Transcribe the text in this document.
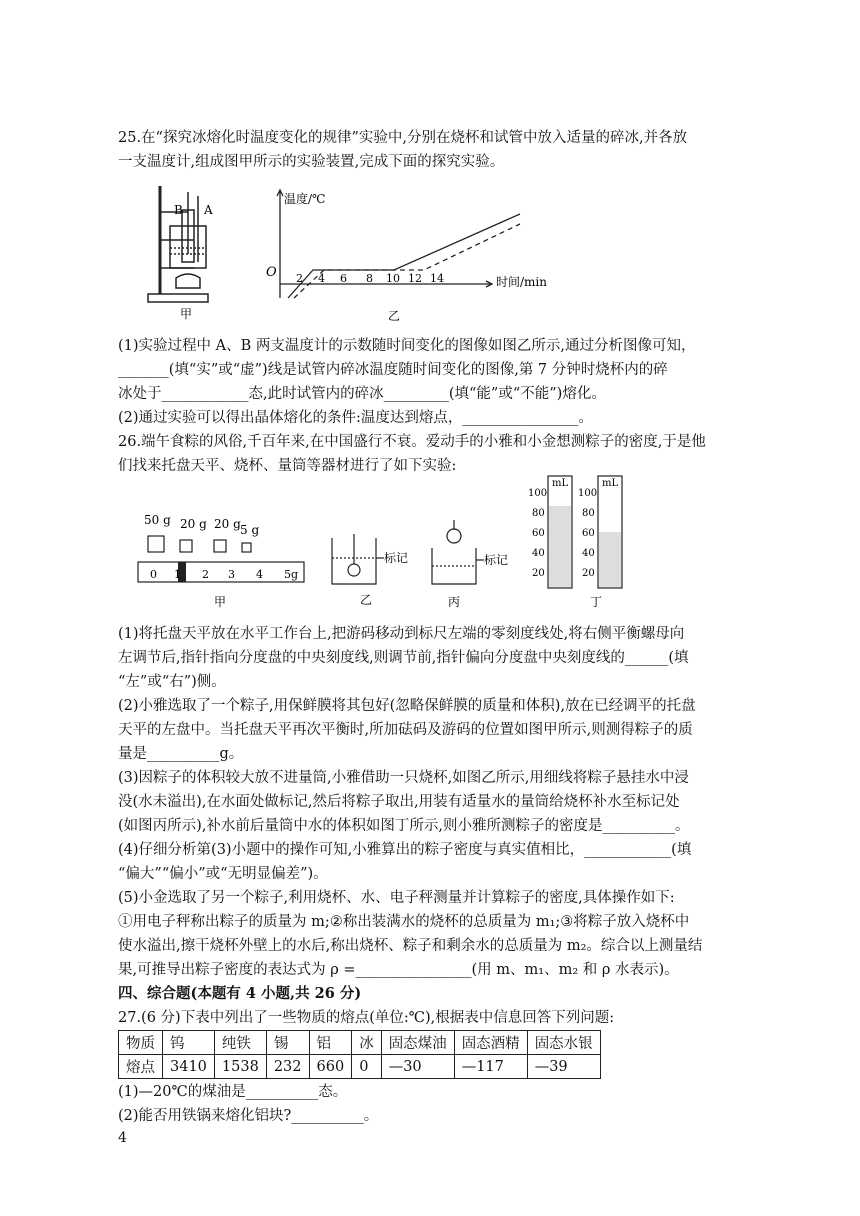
25.在“探究冰熔化时温度变化的规律”实验中,分别在烧杯和试管中放入适量的碎冰,并各放
一支温度计,组成图甲所示的实验装置,完成下面的探究实验。
B A
甲
温度/℃
O 2 4 6 8 10 12 14	时间/min
乙
(1)实验过程中 A、B 两支温度计的示数随时间变化的图像如图乙所示,通过分析图像可知，
_______(填“实”或“虚”)线是试管内碎冰温度随时间变化的图像,第 7 分钟时烧杯内的碎
冰处于____________态,此时试管内的碎冰_________(填“能”或“不能”)熔化。
(2)通过实验可以得出晶体熔化的条件:温度达到熔点，________________。
26.端午食粽的风俗,千百年来,在中国盛行不衰。爱动手的小雅和小金想测粽子的密度,于是他
们找来托盘天平、烧杯、量筒等器材进行了如下实验:
50 g 20 g 20 g 5 g
0 1 2 3 4 5g
甲
标记
乙
标记
丙
mL	mL
100
80
60
40
20
100
80
60
40
20
丁
(1)将托盘天平放在水平工作台上,把游码移动到标尺左端的零刻度线处,将右侧平衡螺母向
左调节后,指针指向分度盘的中央刻度线,则调节前,指针偏向分度盘中央刻度线的______(填
“左”或“右”)侧。
(2)小雅选取了一个粽子,用保鲜膜将其包好(忽略保鲜膜的质量和体积),放在已经调平的托盘
天平的左盘中。当托盘天平再次平衡时,所加砝码及游码的位置如图甲所示,则测得粽子的质
量是__________g。
(3)因粽子的体积较大放不进量筒,小雅借助一只烧杯,如图乙所示,用细线将粽子悬挂水中浸
没(水未溢出),在水面处做标记,然后将粽子取出,用装有适量水的量筒给烧杯补水至标记处
(如图丙所示),补水前后量筒中水的体积如图丁所示,则小雅所测粽子的密度是__________。
(4)仔细分析第(3)小题中的操作可知,小雅算出的粽子密度与真实值相比，____________(填
“偏大”“偏小”或“无明显偏差”)。
(5)小金选取了另一个粽子,利用烧杯、水、电子秤测量并计算粽子的密度,具体操作如下:
①用电子秤称出粽子的质量为 m;②称出装满水的烧杯的总质量为 m₁;③将粽子放入烧杯中
使水溢出,擦干烧杯外壁上的水后,称出烧杯、粽子和剩余水的总质量为 m₂。综合以上测量结
果,可推导出粽子密度的表达式为 ρ =________________(用 m、m₁、m₂ 和 ρ 水表示)。
四、综合题(本题有 4 小题,共 26 分)
物质	钨	纯铁	锡	铝	冰	固态煤油	固态酒精	固态水银
熔点	3410	1538	232	660	0	—30	—117	—39
27.(6 分)下表中列出了一些物质的熔点(单位:℃),根据表中信息回答下列问题:
(1)—20℃的煤油是__________态。
(2)能否用铁锅来熔化铝块?__________。
4
